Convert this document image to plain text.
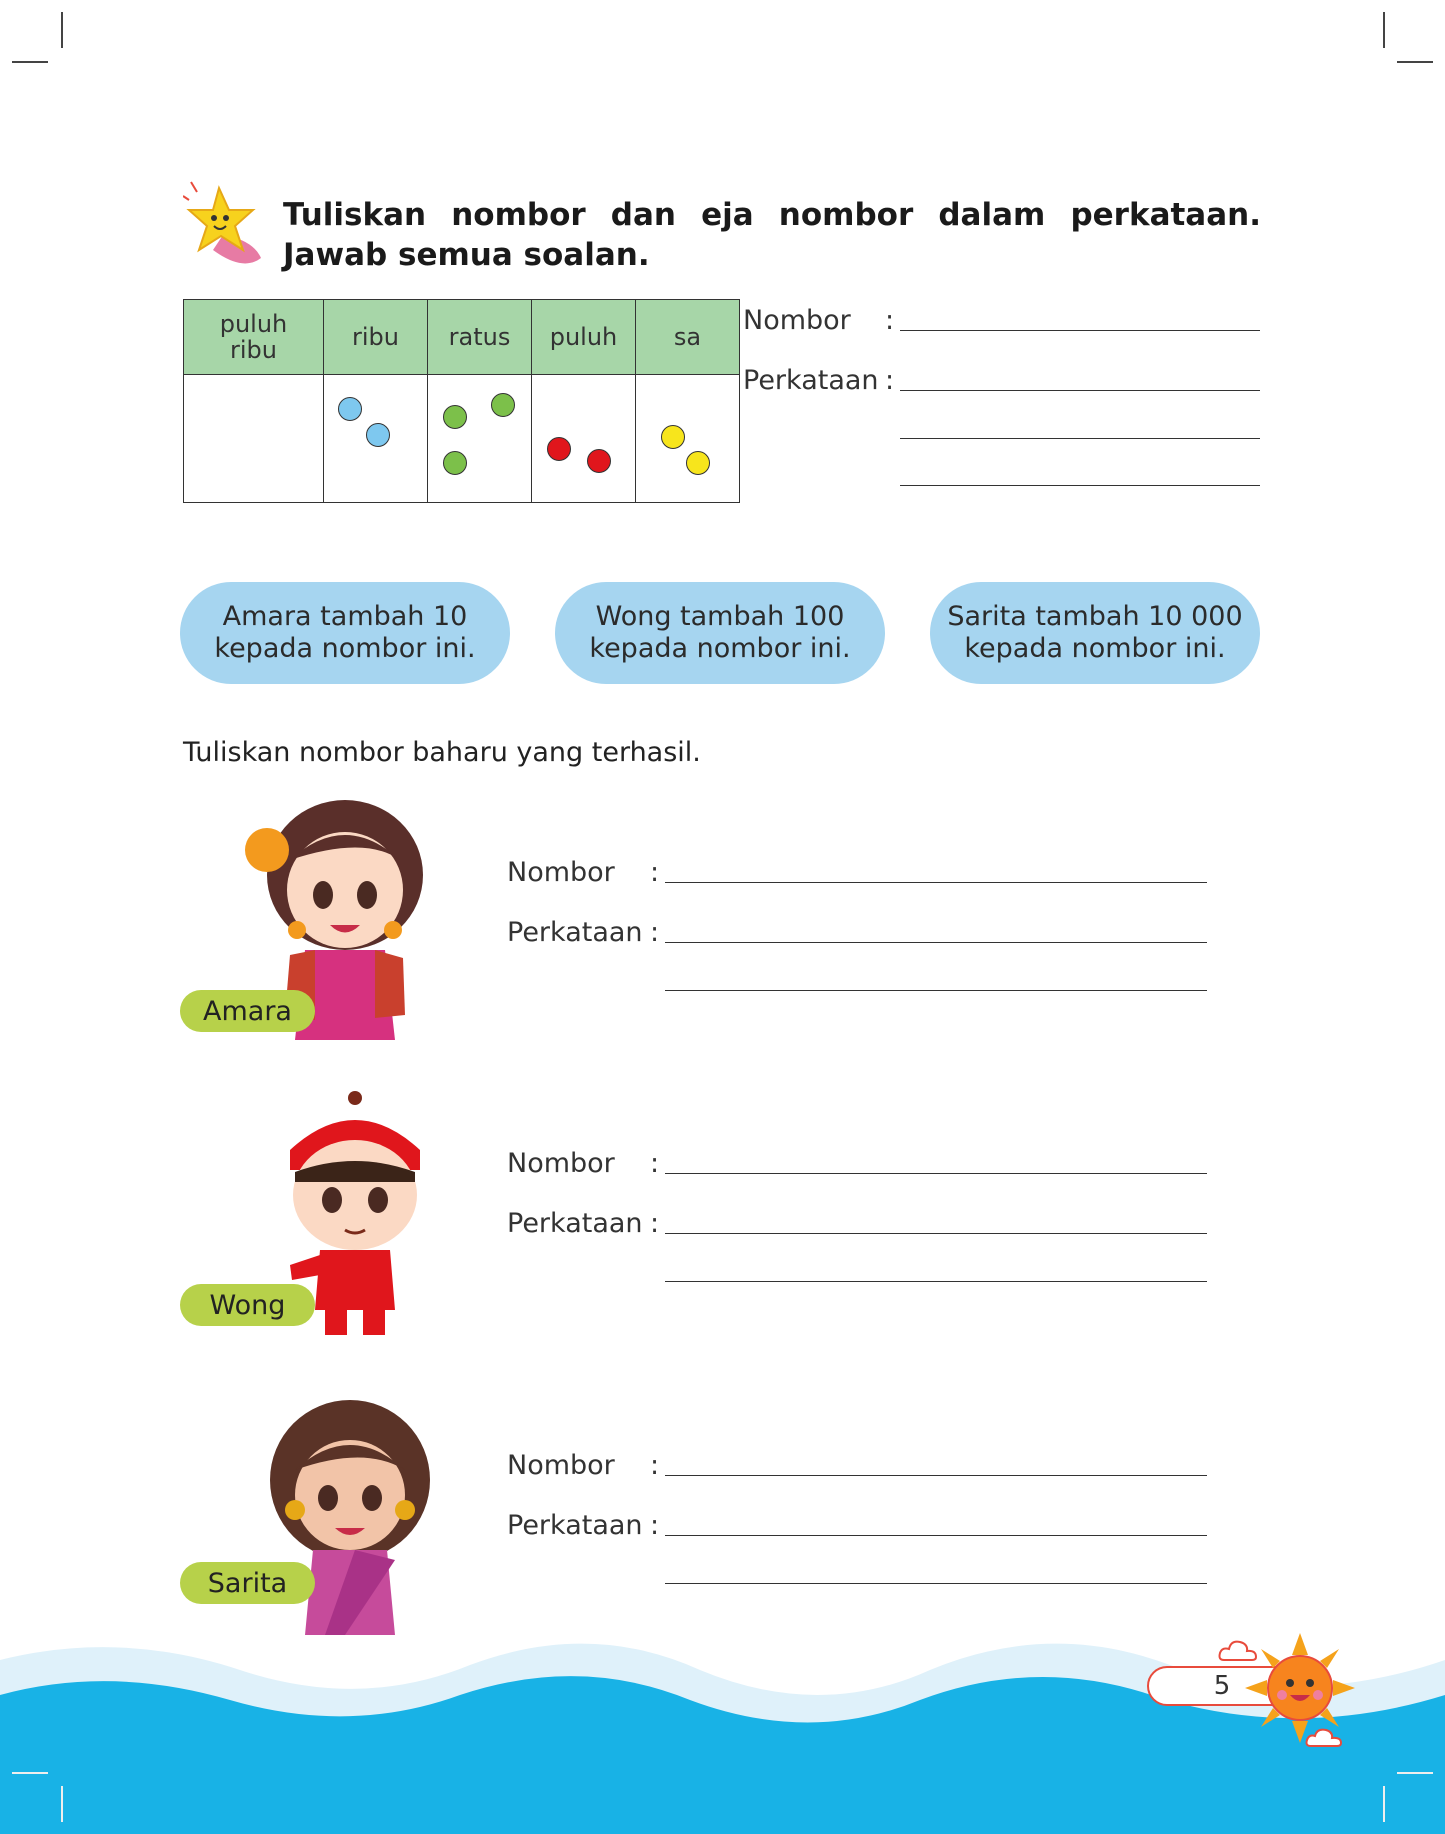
Tuliskan nombor dan eja nombor dalam perkataan. Jawab semua soalan.
puluh ribu	ribu	ratus	puluh	sa

Nombor :
Perkataan :
Amara tambah 10
kepada nombor ini.
Wong tambah 100
kepada nombor ini.
Sarita tambah 10 000
kepada nombor ini.
Tuliskan nombor baharu yang terhasil.
Amara
Nombor :
Perkataan :
Wong
Nombor :
Perkataan :
Sarita
Nombor :
Perkataan :
5
